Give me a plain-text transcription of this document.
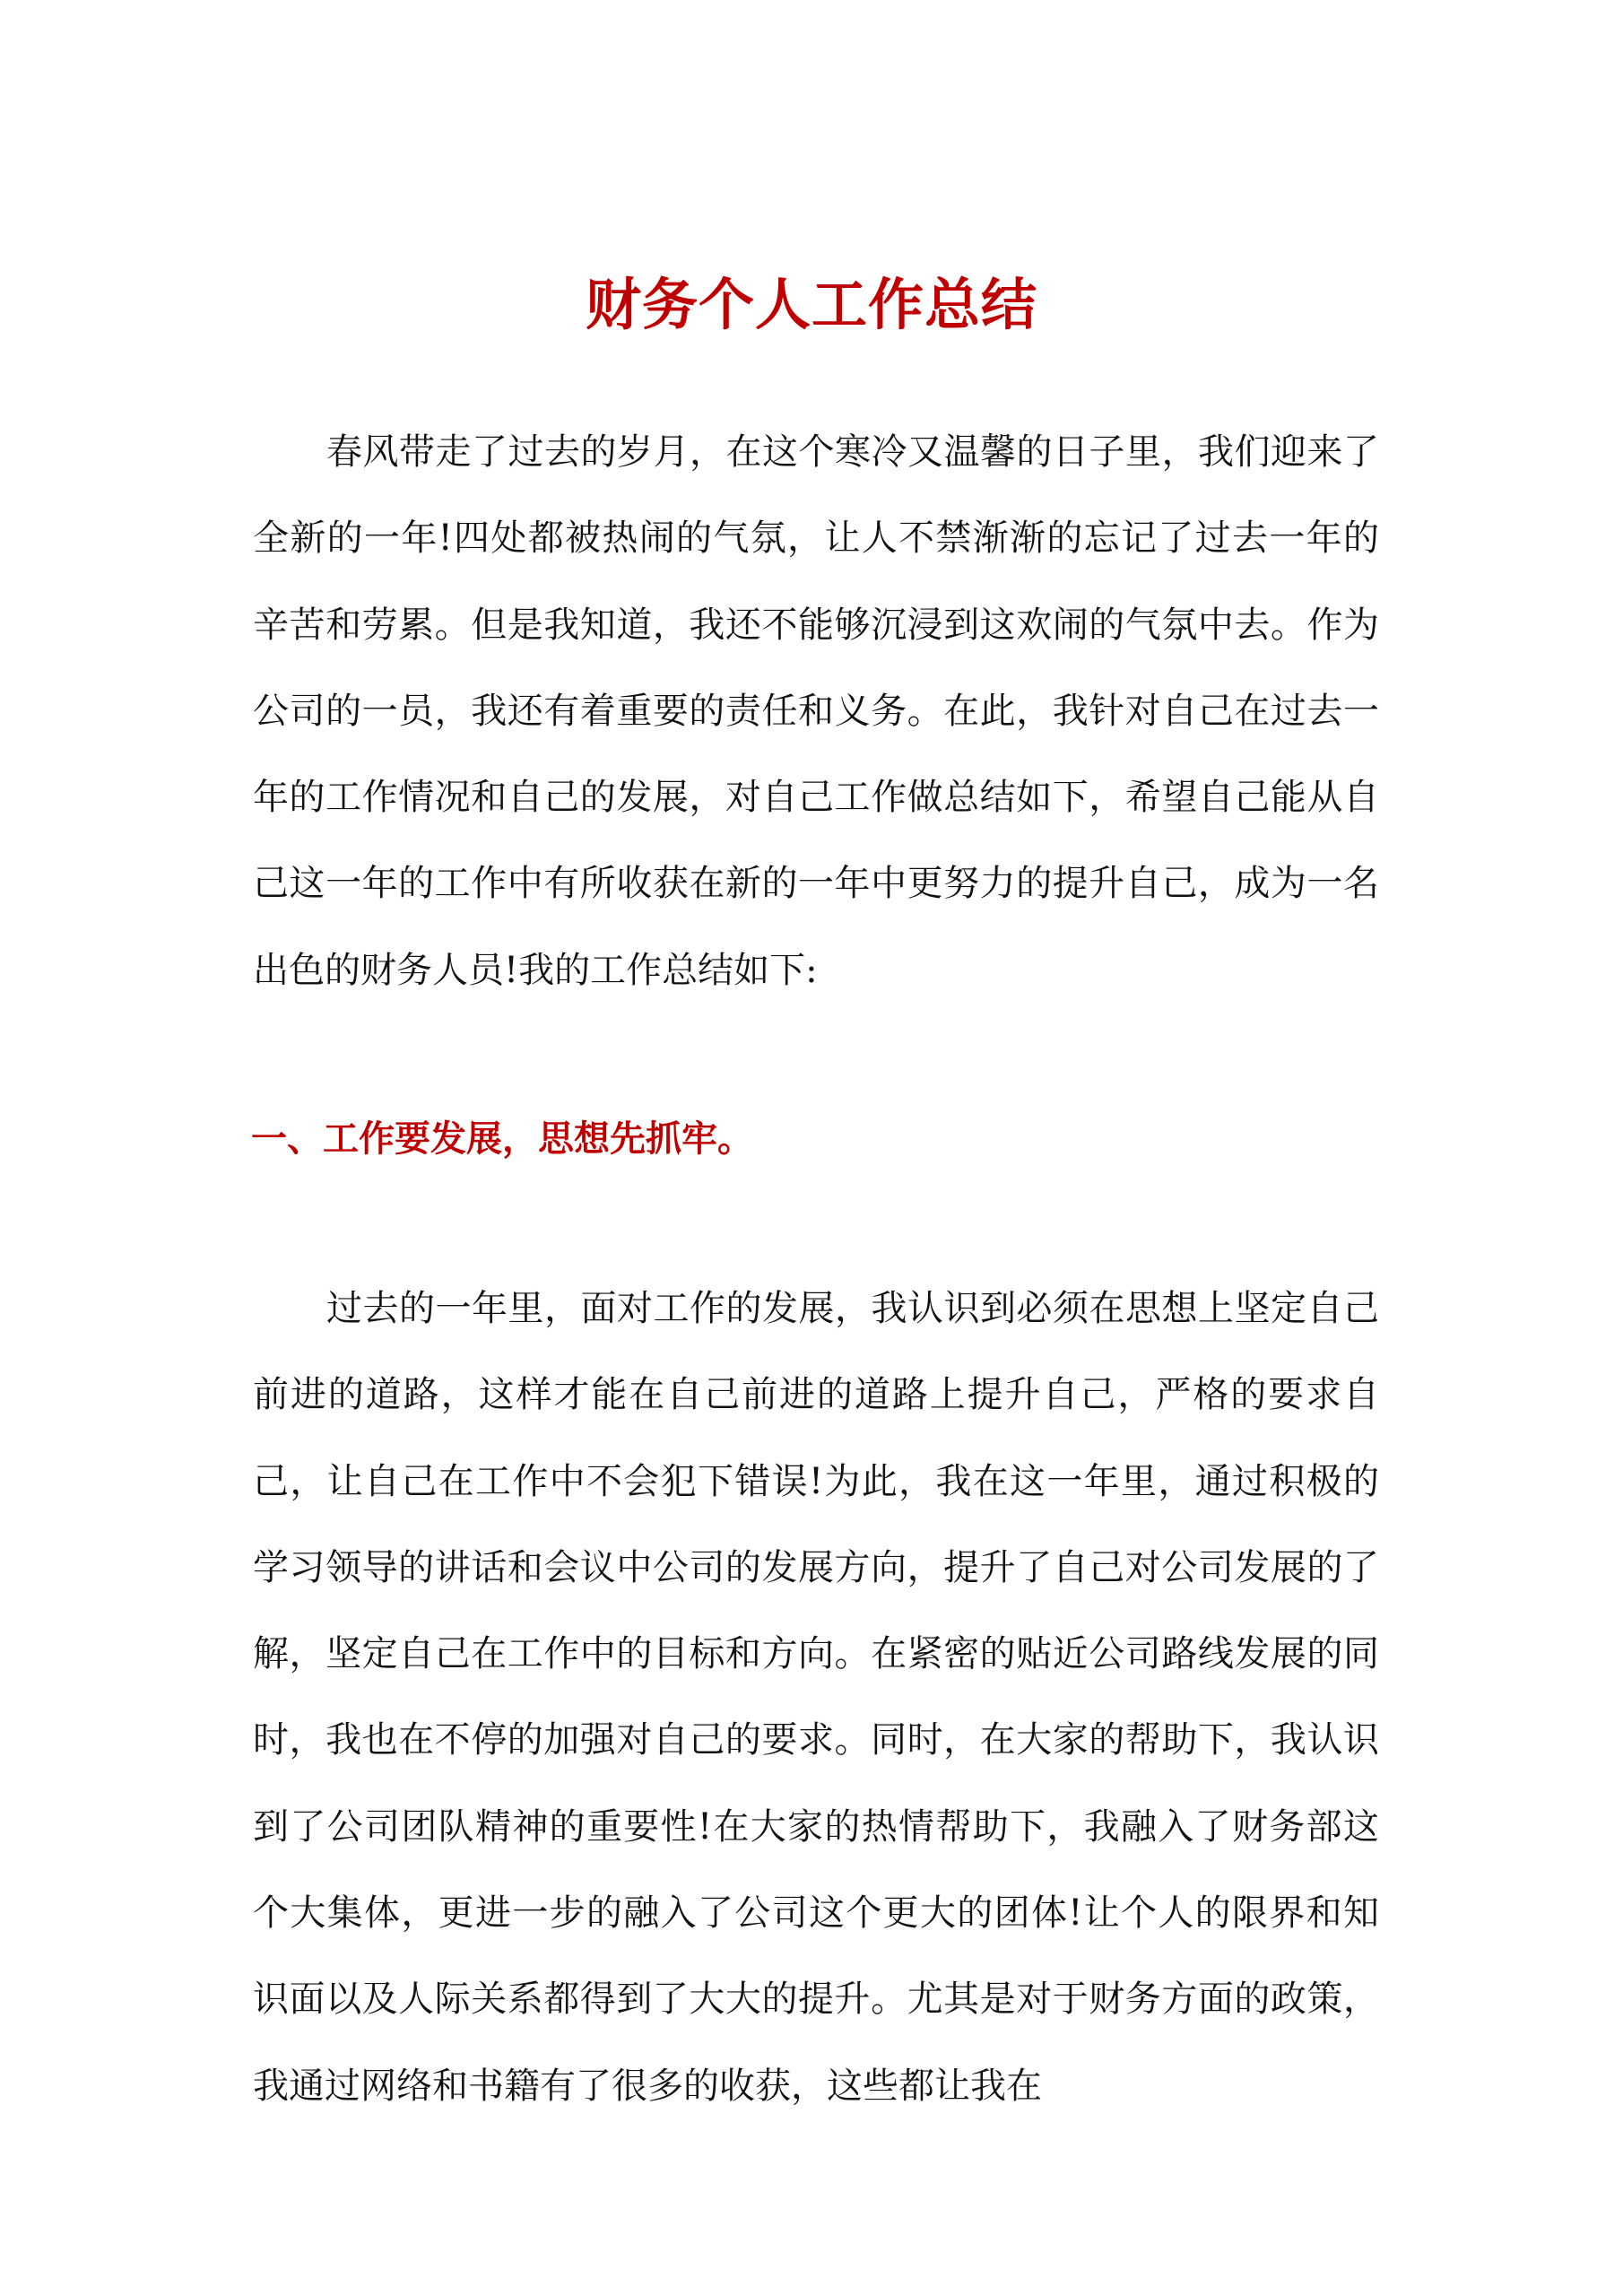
财务个人工作总结

春风带走了过去的岁月，在这个寒冷又温馨的日子里，我们迎来了全新的一年!四处都被热闹的气氛，让人不禁渐渐的忘记了过去一年的辛苦和劳累。但是我知道，我还不能够沉浸到这欢闹的气氛中去。作为公司的一员，我还有着重要的责任和义务。在此，我针对自己在过去一年的工作情况和自己的发展，对自己工作做总结如下，希望自己能从自己这一年的工作中有所收获在新的一年中更努力的提升自己，成为一名出色的财务人员!我的工作总结如下:

一、工作要发展，思想先抓牢。

过去的一年里，面对工作的发展，我认识到必须在思想上坚定自己前进的道路，这样才能在自己前进的道路上提升自己，严格的要求自己，让自己在工作中不会犯下错误!为此，我在这一年里，通过积极的学习领导的讲话和会议中公司的发展方向，提升了自己对公司发展的了解，坚定自己在工作中的目标和方向。在紧密的贴近公司路线发展的同时，我也在不停的加强对自己的要求。同时，在大家的帮助下，我认识到了公司团队精神的重要性!在大家的热情帮助下，我融入了财务部这个大集体，更进一步的融入了公司这个更大的团体!让个人的限界和知识面以及人际关系都得到了大大的提升。尤其是对于财务方面的政策，我通过网络和书籍有了很多的收获，这些都让我在
